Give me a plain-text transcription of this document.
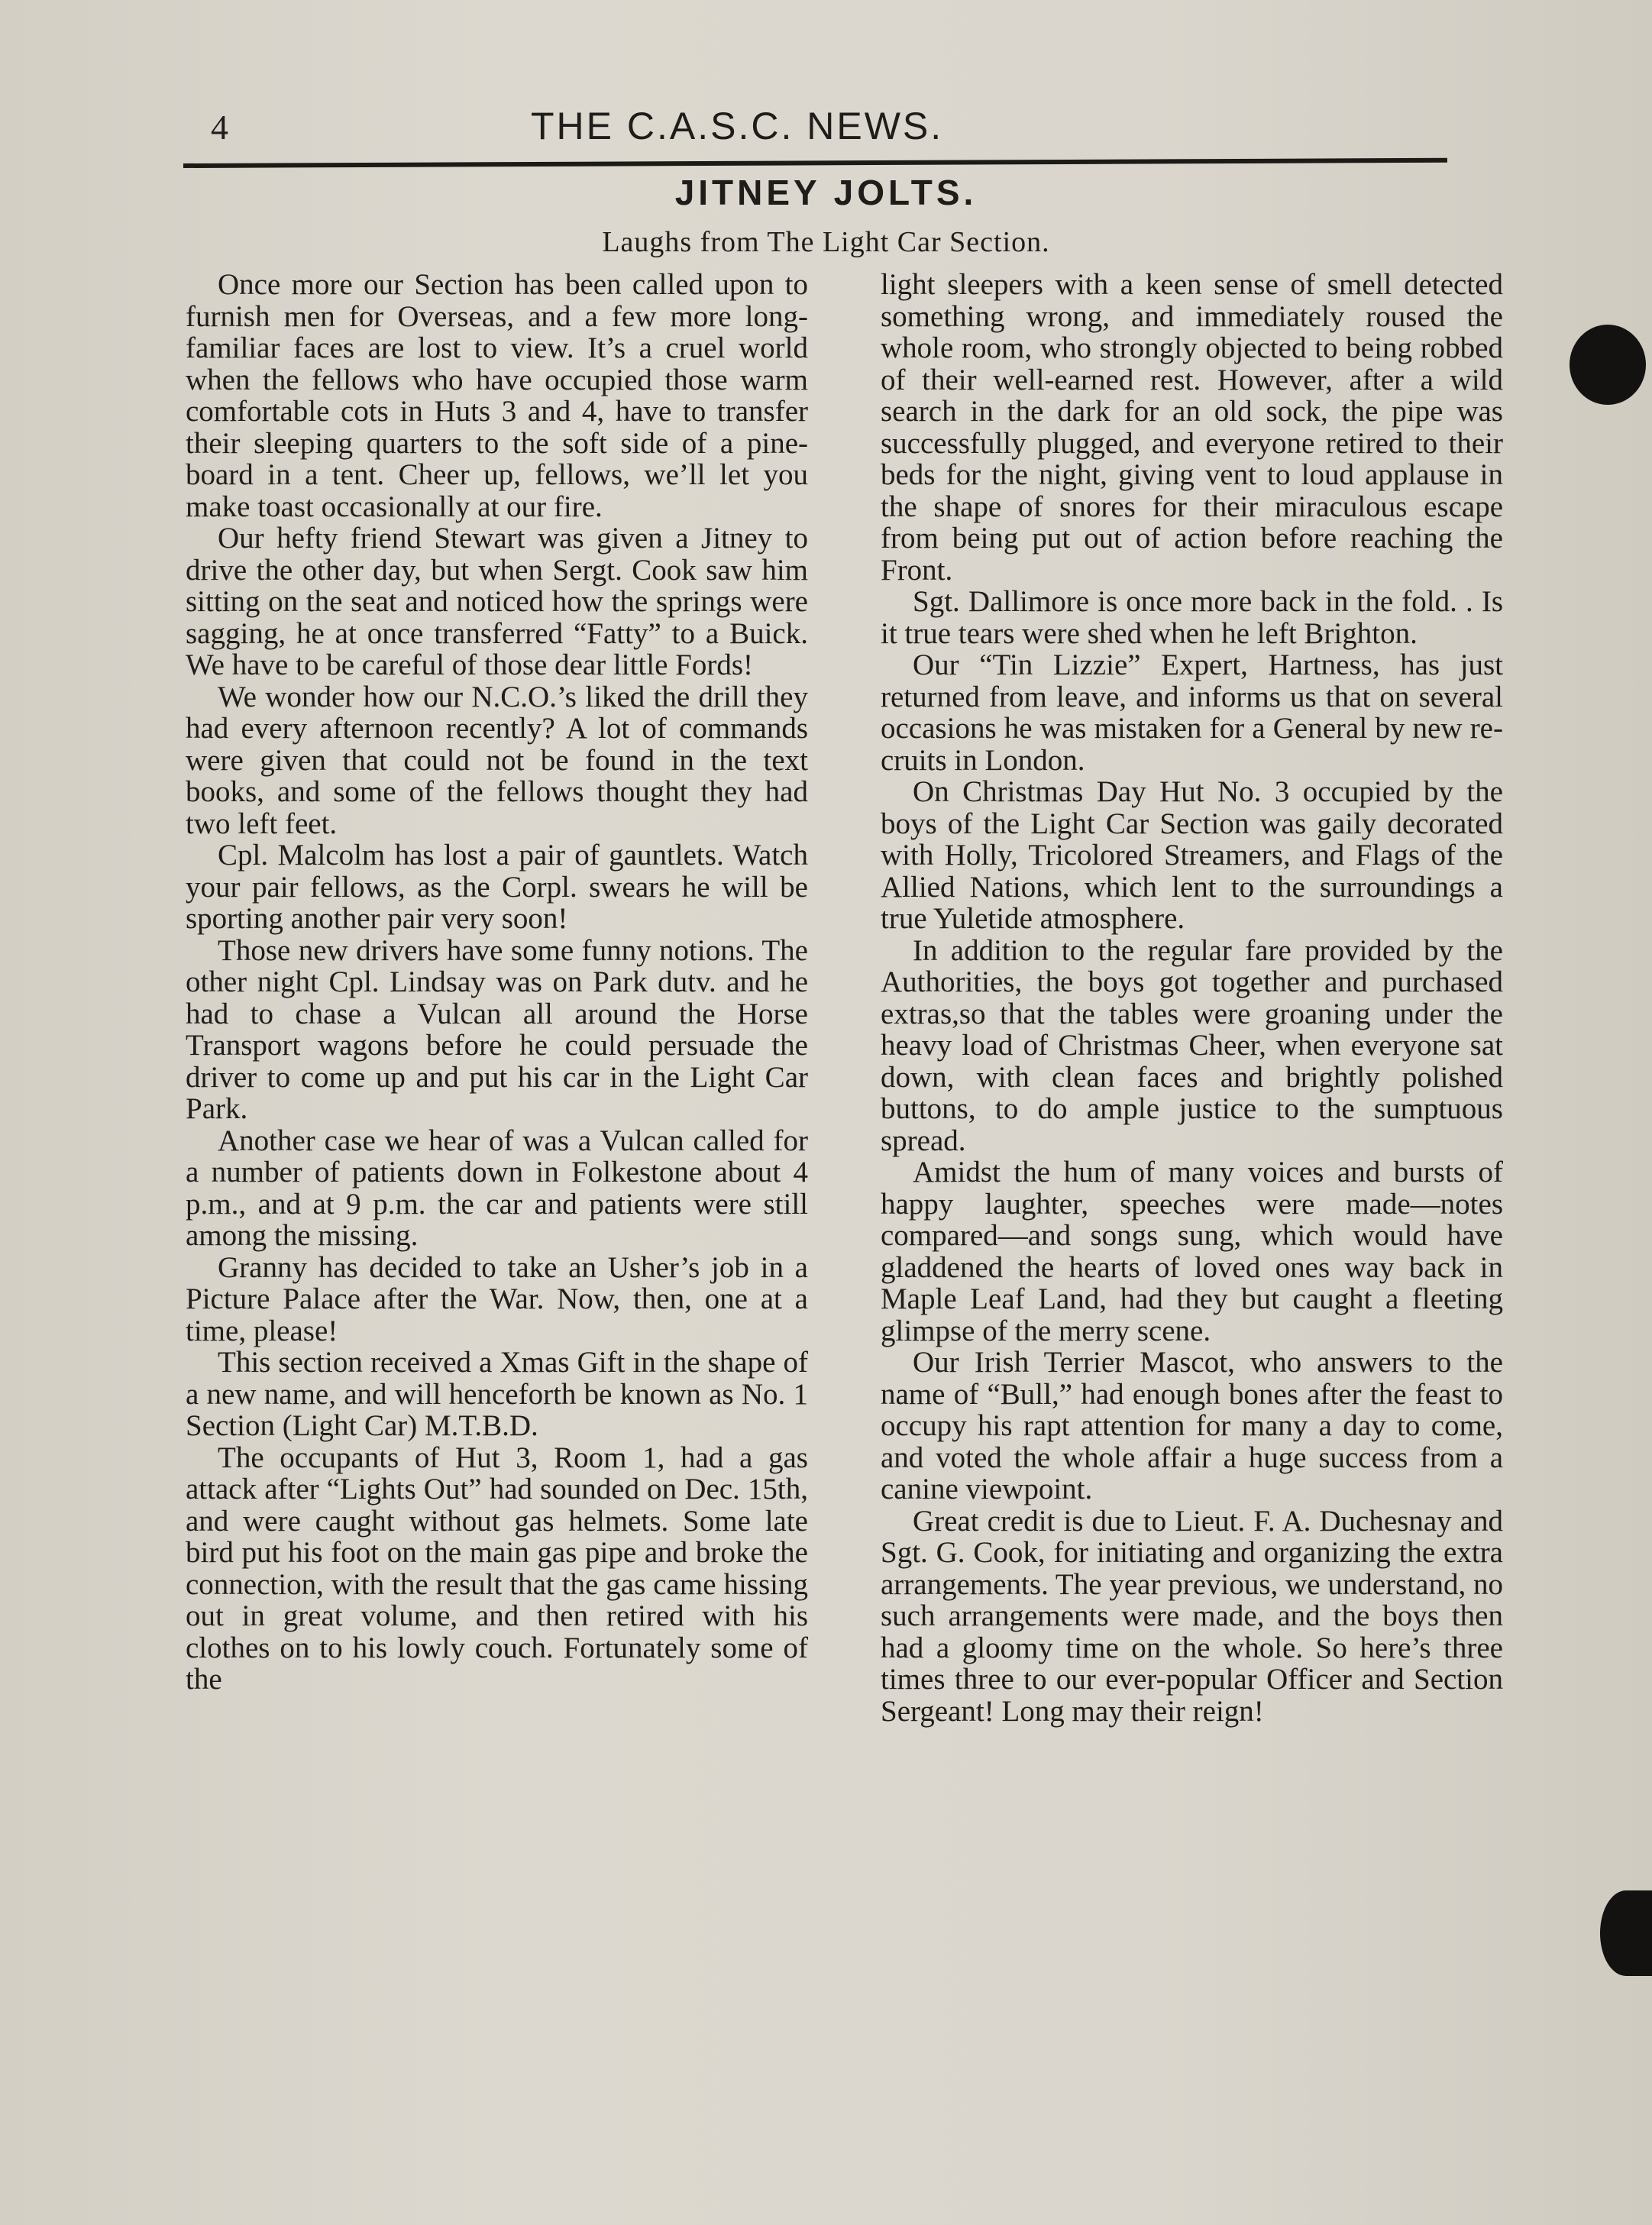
4	THE C.A.S.C. NEWS.
JITNEY JOLTS.
Laughs from The Light Car Section.

Once more our Section has been called upon to furnish men for Overseas, and a few more long-familiar faces are lost to view. It’s a cruel world when the fellows who have occupied those warm comfortable cots in Huts 3 and 4, have to transfer their sleeping quarters to the soft side of a pine-board in a tent. Cheer up, fellows, we’ll let you make toast occasionally at our fire.

Our hefty friend Stewart was given a Jitney to drive the other day, but when Sergt. Cook saw him sitting on the seat and noticed how the springs were sagging, he at once transferred “Fatty” to a Buick. We have to be careful of those dear little Fords!

We wonder how our N.C.O.’s liked the drill they had every afternoon recently? A lot of commands were given that could not be found in the text books, and some of the fellows thought they had two left feet.

Cpl. Malcolm has lost a pair of gauntlets. Watch your pair fellows, as the Corpl. swears he will be sporting another pair very soon!

Those new drivers have some funny notions. The other night Cpl. Lindsay was on Park dutv. and he had to chase a Vulcan all around the Horse Transport wagons before he could persuade the driver to come up and put his car in the Light Car Park.

Another case we hear of was a Vulcan called for a number of patients down in Folkestone about 4 p.m., and at 9 p.m. the car and patients were still among the missing.

Granny has decided to take an Usher’s job in a Picture Palace after the War. Now, then, one at a time, please!

This section received a Xmas Gift in the shape of a new name, and will henceforth be known as No. 1 Section (Light Car) M.T.B.D.

The occupants of Hut 3, Room 1, had a gas attack after “Lights Out” had sounded on Dec. 15th, and were caught without gas helmets. Some late bird put his foot on the main gas pipe and broke the connection, with the result that the gas came hissing out in great volume, and then retired with his clothes on to his lowly couch. Fortunately some of the

light sleepers with a keen sense of smell detected something wrong, and immediately roused the whole room, who strongly objected to being robbed of their well-earned rest. However, after a wild search in the dark for an old sock, the pipe was successfully plugged, and everyone retired to their beds for the night, giving vent to loud applause in the shape of snores for their miraculous escape from being put out of action before reaching the Front.

Sgt. Dallimore is once more back in the fold. . Is it true tears were shed when he left Brighton.

Our “Tin Lizzie” Expert, Hartness, has just returned from leave, and informs us that on several occasions he was mistaken for a General by new recruits in London.

On Christmas Day Hut No. 3 occupied by the boys of the Light Car Section was gaily decorated with Holly, Tricolored Streamers, and Flags of the Allied Nations, which lent to the surroundings a true Yuletide atmosphere.

In addition to the regular fare provided by the Authorities, the boys got together and purchased extras,so that the tables were groaning under the heavy load of Christmas Cheer, when everyone sat down, with clean faces and brightly polished buttons, to do ample justice to the sumptuous spread.

Amidst the hum of many voices and bursts of happy laughter, speeches were made—notes compared—and songs sung, which would have gladdened the hearts of loved ones way back in Maple Leaf Land, had they but caught a fleeting glimpse of the merry scene.

Our Irish Terrier Mascot, who answers to the name of “Bull,” had enough bones after the feast to occupy his rapt attention for many a day to come, and voted the whole affair a huge success from a canine viewpoint.

Great credit is due to Lieut. F. A. Duchesnay and Sgt. G. Cook, for initiating and organizing the extra arrangements. The year previous, we understand, no such arrangements were made, and the boys then had a gloomy time on the whole. So here’s three times three to our ever-popular Officer and Section Sergeant! Long may their reign!
